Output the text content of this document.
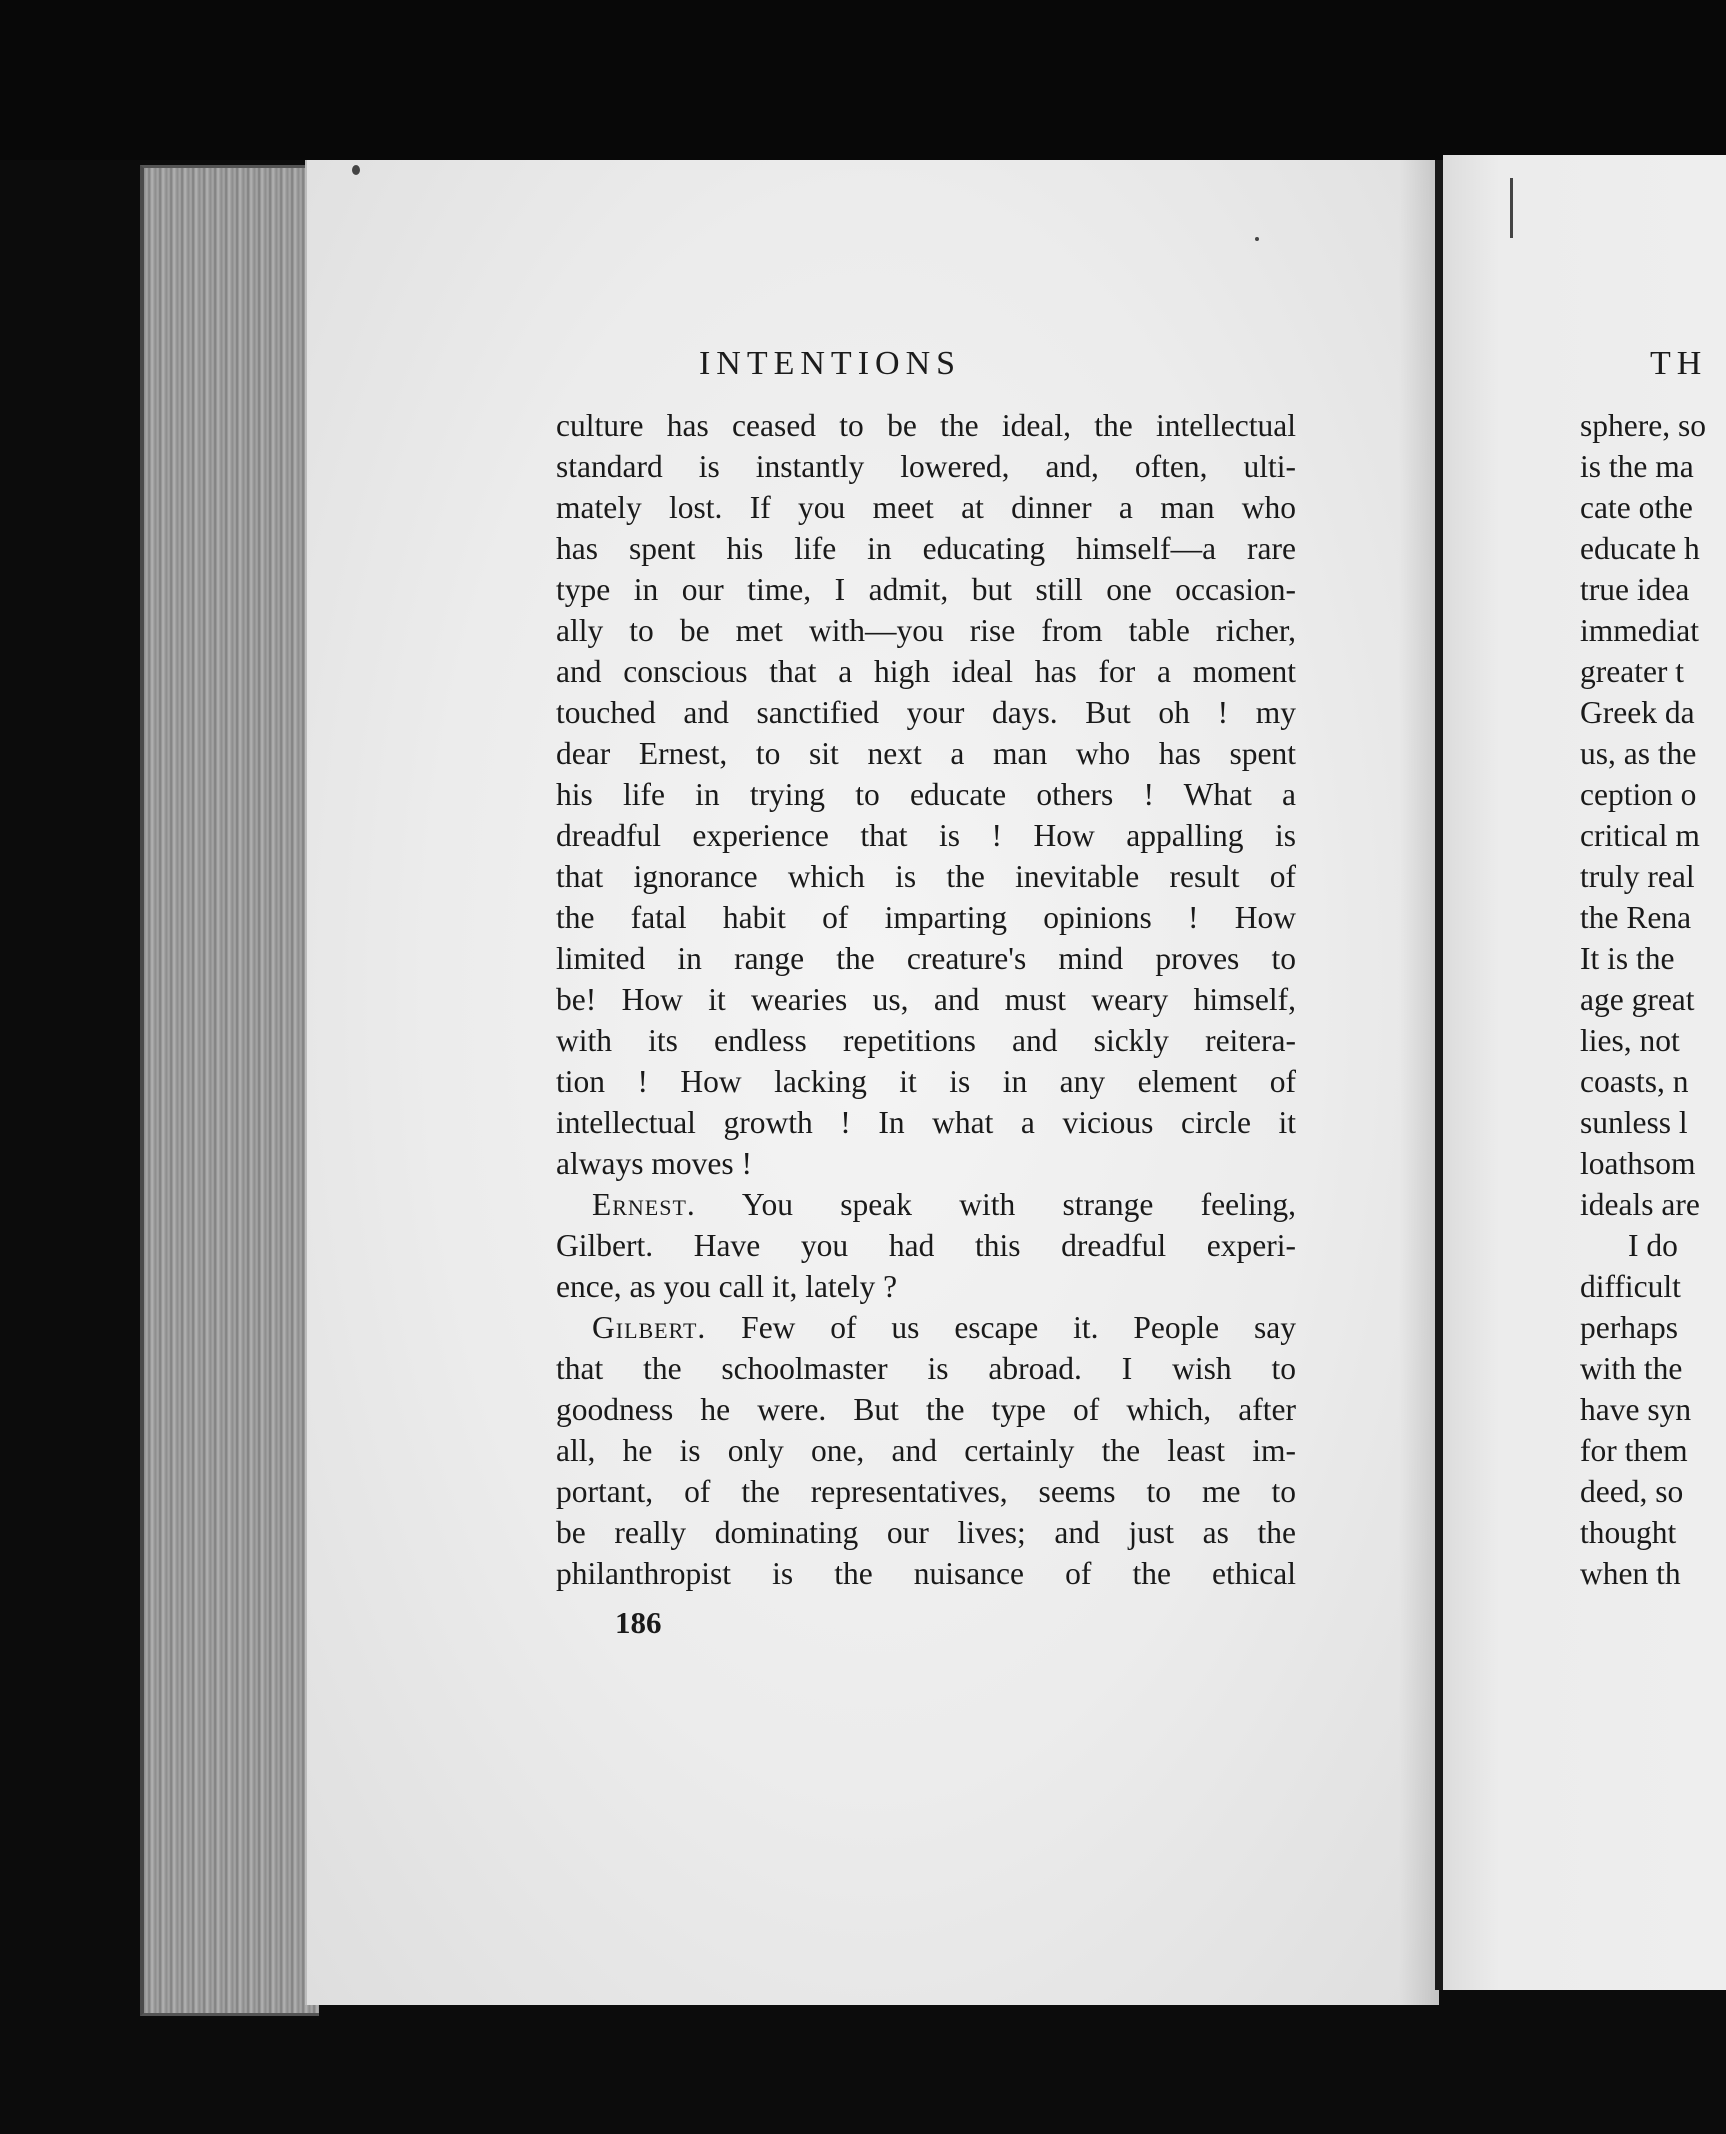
INTENTIONS
culture has ceased to be the ideal, the intellectual
standard is instantly lowered, and, often, ulti-
mately lost. If you meet at dinner a man who
has spent his life in educating himself—a rare
type in our time, I admit, but still one occasion-
ally to be met with—you rise from table richer,
and conscious that a high ideal has for a moment
touched and sanctified your days. But oh ! my
dear Ernest, to sit next a man who has spent
his life in trying to educate others ! What a
dreadful experience that is ! How appalling is
that ignorance which is the inevitable result of
the fatal habit of imparting opinions ! How
limited in range the creature's mind proves to
be! How it wearies us, and must weary himself,
with its endless repetitions and sickly reitera-
tion ! How lacking it is in any element of
intellectual growth ! In what a vicious circle it
always moves !
Ernest. You speak with strange feeling,
Gilbert. Have you had this dreadful experi-
ence, as you call it, lately ?
Gilbert. Few of us escape it. People say
that the schoolmaster is abroad. I wish to
goodness he were. But the type of which, after
all, he is only one, and certainly the least im-
portant, of the representatives, seems to me to
be really dominating our lives; and just as the
philanthropist is the nuisance of the ethical
186
TH
sphere, so
is the ma
cate othe
educate h
true idea
immediat
greater t
Greek da
us, as the
ception o
critical m
truly real
the Rena
It is the
age great
lies, not
coasts, n
sunless l
loathsom
ideals are
I do
difficult
perhaps
with the
have syn
for them
deed, so
thought
when th
